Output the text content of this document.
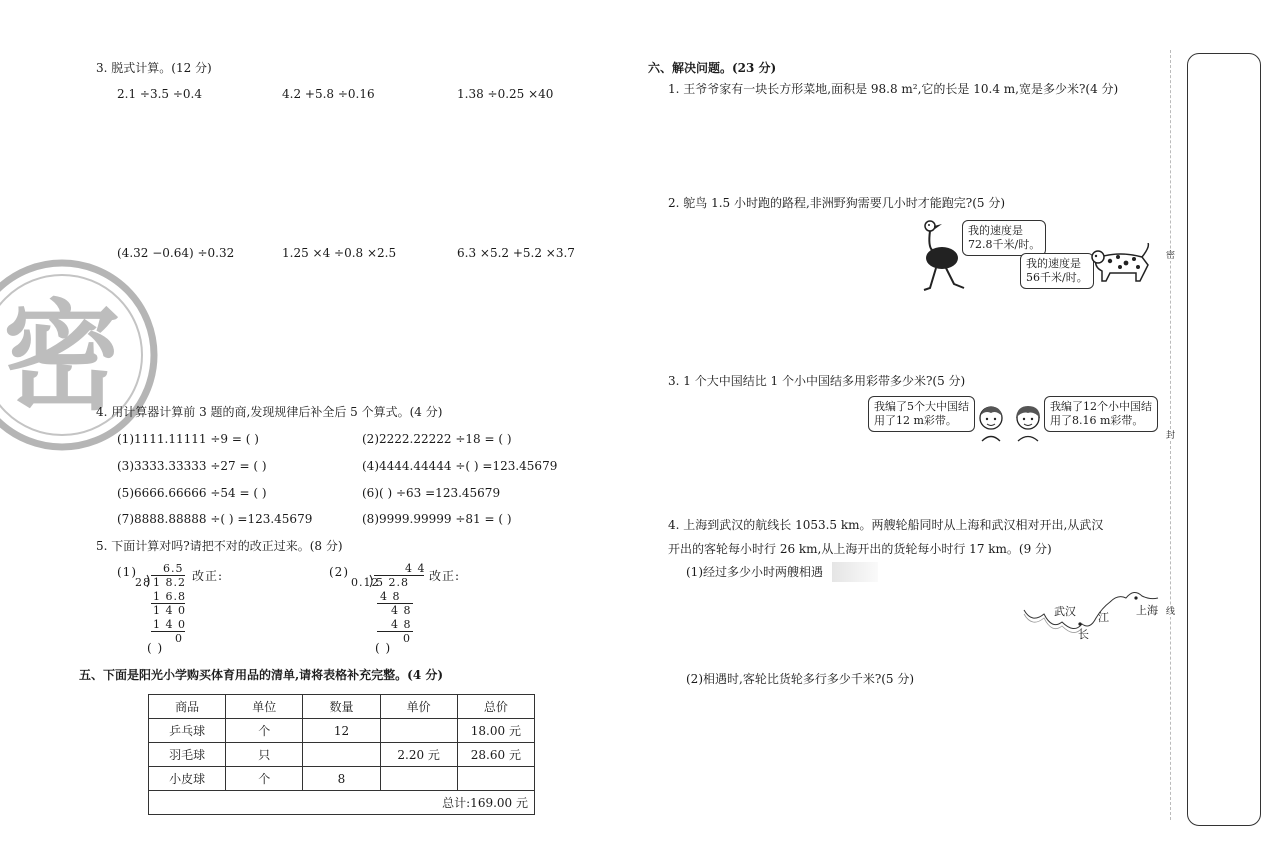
3. 脱式计算。(12 分)
2.1 ÷3.5 ÷0.4	4.2 +5.8 ÷0.16	1.38 ÷0.25 ×40
(4.32 −0.64) ÷0.32	1.25 ×4 ÷0.8 ×2.5	6.3 ×5.2 +5.2 ×3.7
密
4. 用计算器计算前 3 题的商,发现规律后补全后 5 个算式。(4 分)
(1)1111.11111 ÷9 = ( )	(2)2222.22222 ÷18 = ( )
(3)3333.33333 ÷27 = ( )	(4)4444.44444 ÷( ) =123.45679
(5)6666.66666 ÷54 = ( )	(6)( ) ÷63 =123.45679
(7)8888.88888 ÷( ) =123.45679	(8)9999.99999 ÷81 = ( )
5. 下面计算对吗?请把不对的改正过来。(8 分)
(1) 6.5
28 1 8.2
1 6.8
1 4 0
1 4 0
0
改正:
( )
(2)	4 4
0.12
5 2.8
4 8
4 8
4 8
0
改正:
( )
五、下面是阳光小学购买体育用品的清单,请将表格补充完整。(4 分)
商品	单位	数量	单价	总价
乒乓球	个	12		18.00 元
羽毛球	只		2.20 元	28.60 元
小皮球	个	8		
总计:169.00 元				
六、解决问题。(23 分)
1. 王爷爷家有一块长方形菜地,面积是 98.8 m²,它的长是 10.4 m,宽是多少米?(4 分)
2. 鸵鸟 1.5 小时跑的路程,非洲野狗需要几小时才能跑完?(5 分)
我的速度是
72.8千米/时。
我的速度是
56千米/时。
3. 1 个大中国结比 1 个小中国结多用彩带多少米?(5 分)
我编了5个大中国结
用了12 m彩带。
我编了12个小中国结
用了8.16 m彩带。
4. 上海到武汉的航线长 1053.5 km。两艘轮船同时从上海和武汉相对开出,从武汉
开出的客轮每小时行 26 km,从上海开出的货轮每小时行 17 km。(9 分)
(1)经过多少小时两艘相遇
武汉 江
长
上海
(2)相遇时,客轮比货轮多行多少千米?(5 分)
密
封
线
